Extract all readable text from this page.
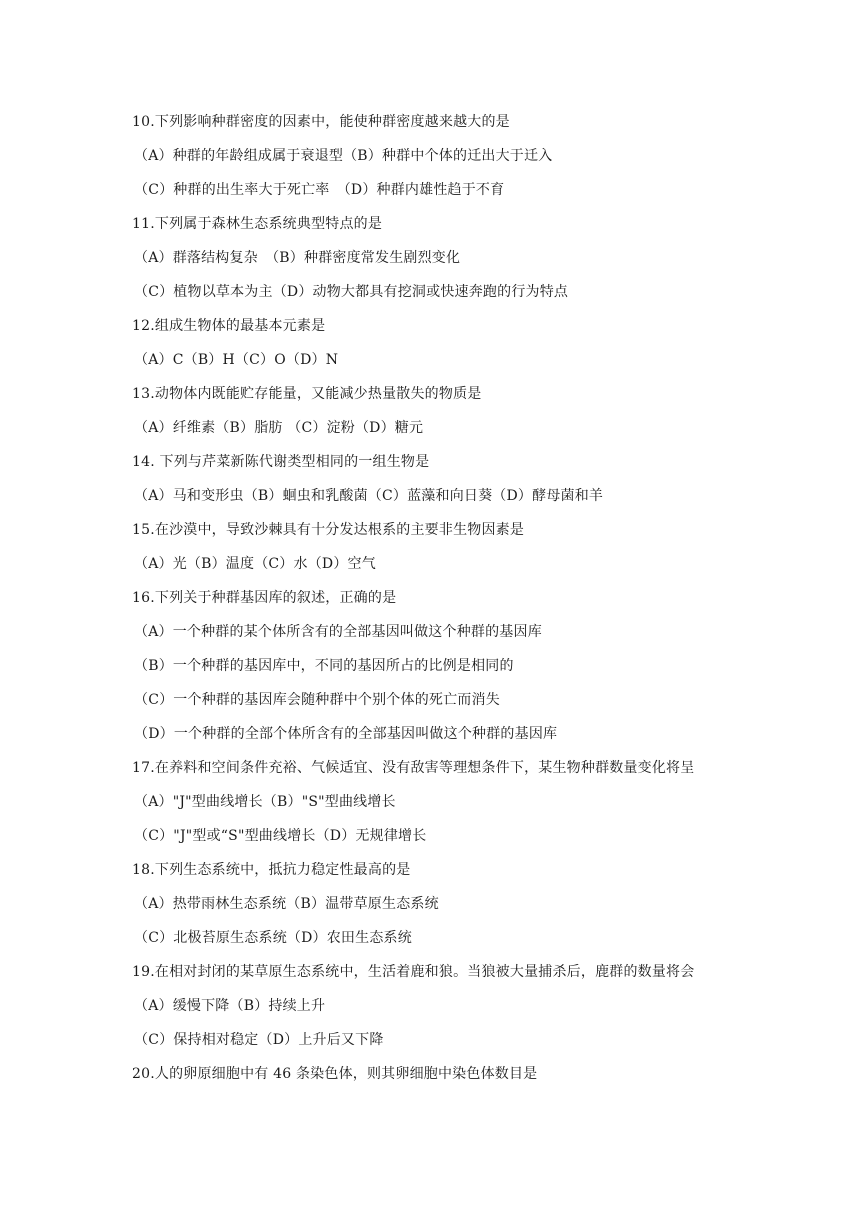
10.下列影响种群密度的因素中，能使种群密度越来越大的是
（A）种群的年龄组成属于衰退型（B）种群中个体的迁出大于迁入
（C）种群的出生率大于死亡率　（D）种群内雄性趋于不育
11.下列属于森林生态系统典型特点的是
（A）群落结构复杂　（B）种群密度常发生剧烈变化
（C）植物以草本为主（D）动物大都具有挖洞或快速奔跑的行为特点
12.组成生物体的最基本元素是
（A）C（B）H（C）O（D）N
13.动物体内既能贮存能量，又能减少热量散失的物质是
（A）纤维素（B）脂肪 （C）淀粉（D）糖元
14. 下列与芹菜新陈代谢类型相同的一组生物是
（A）马和变形虫（B）蛔虫和乳酸菌（C）蓝藻和向日葵（D）酵母菌和羊
15.在沙漠中，导致沙棘具有十分发达根系的主要非生物因素是
（A）光（B）温度（C）水（D）空气
16.下列关于种群基因库的叙述，正确的是
（A）一个种群的某个体所含有的全部基因叫做这个种群的基因库
（B）一个种群的基因库中，不同的基因所占的比例是相同的
（C）一个种群的基因库会随种群中个别个体的死亡而消失
（D）一个种群的全部个体所含有的全部基因叫做这个种群的基因库
17.在养料和空间条件充裕、气候适宜、没有敌害等理想条件下，某生物种群数量变化将呈
（A）"J"型曲线增长（B）"S"型曲线增长
（C）"J"型或“S"型曲线增长（D）无规律增长
18.下列生态系统中，抵抗力稳定性最高的是
（A）热带雨林生态系统（B）温带草原生态系统
（C）北极苔原生态系统（D）农田生态系统
19.在相对封闭的某草原生态系统中，生活着鹿和狼。当狼被大量捕杀后，鹿群的数量将会
（A）缓慢下降（B）持续上升
（C）保持相对稳定（D）上升后又下降
20.人的卵原细胞中有 46 条染色体，则其卵细胞中染色体数目是
